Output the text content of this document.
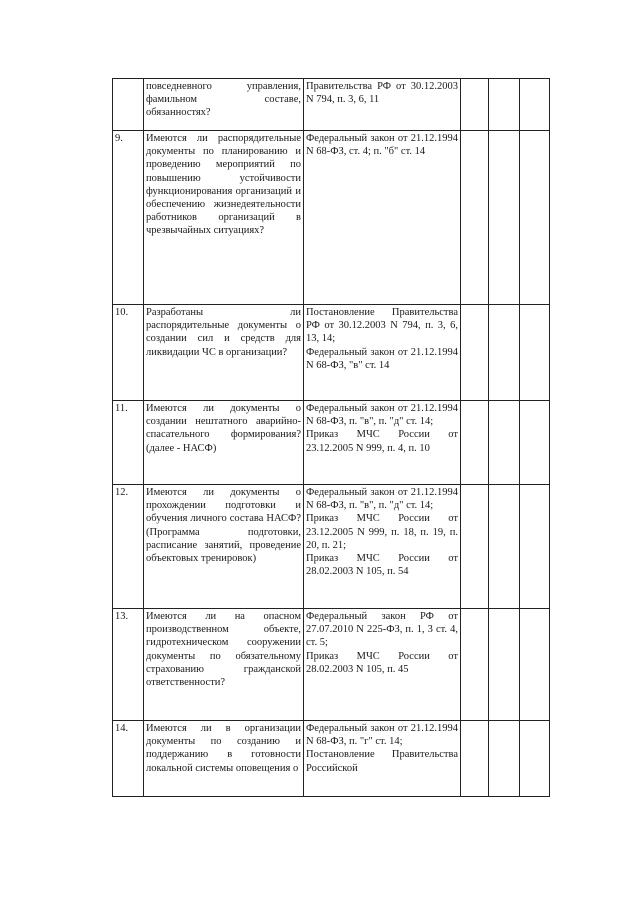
	повседневного управления, фамильном составе, обязанностях?	Правительства РФ от 30.12.2003 N 794, п. 3, 6, 11			

9.	Имеются ли распорядительные документы по планированию и проведению мероприятий по повышению устойчивости функционирования организаций и обеспечению жизнедеятельности работников организаций в чрезвычайных ситуациях?	Федеральный закон от 21.12.1994 N 68-ФЗ, ст. 4; п. "б" ст. 14			

10.	Разработаны ли распорядительные документы о создании сил и средств для ликвидации ЧС в организации?	Постановление Правительства РФ от 30.12.2003 N 794, п. 3, 6, 13, 14;
Федеральный закон от 21.12.1994 N 68-ФЗ, "в" ст. 14			

11.	Имеются ли документы о создании нештатного аварийно-спасательного формирования? (далее - НАСФ)	Федеральный закон от 21.12.1994 N 68-ФЗ, п. "в", п. "д" ст. 14;
Приказ МЧС России от 23.12.2005 N 999, п. 4, п. 10			

12.	Имеются ли документы о прохождении подготовки и обучения личного состава НАСФ? (Программа подготовки, расписание занятий, проведение объектовых тренировок)	Федеральный закон от 21.12.1994 N 68-ФЗ, п. "в", п. "д" ст. 14;
Приказ МЧС России от 23.12.2005 N 999, п. 18, п. 19, п. 20, п. 21;
Приказ МЧС России от 28.02.2003 N 105, п. 54			

13.	Имеются ли на опасном производственном объекте, гидротехническом сооружении документы по обязательному страхованию гражданской ответственности?	Федеральный закон РФ от 27.07.2010 N 225-ФЗ, п. 1, 3 ст. 4, ст. 5;
Приказ МЧС России от 28.02.2003 N 105, п. 45			

14.	Имеются ли в организации документы по созданию и поддержанию в готовности локальной системы оповещения о	Федеральный закон от 21.12.1994 N 68-ФЗ, п. "г" ст. 14;
Постановление Правительства Российской			
